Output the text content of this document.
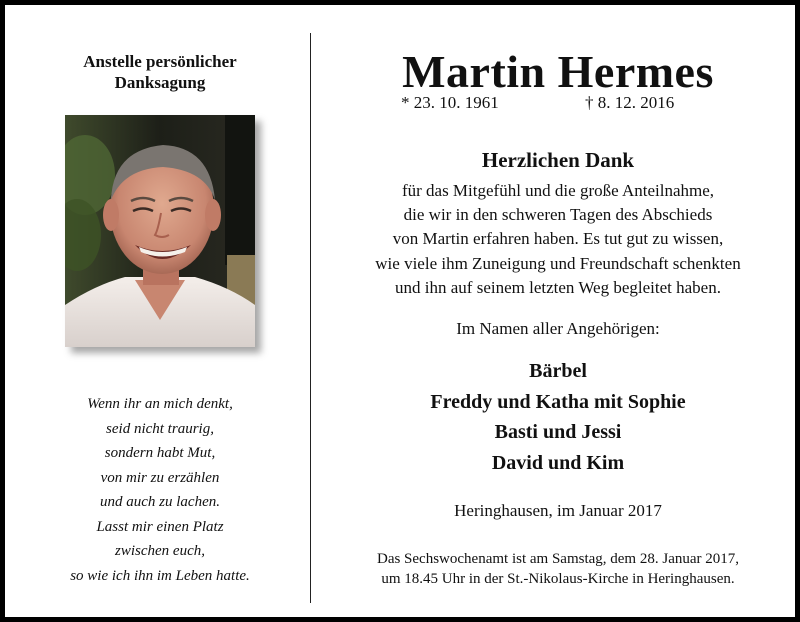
Anstelle persönlicher
Danksagung
Wenn ihr an mich denkt,
seid nicht traurig,
sondern habt Mut,
von mir zu erzählen
und auch zu lachen.
Lasst mir einen Platz
zwischen euch,
so wie ich ihn im Leben hatte.
Martin Hermes
* 23. 10. 1961	† 8. 12. 2016
Herzlichen Dank
für das Mitgefühl und die große Anteilnahme,
die wir in den schweren Tagen des Abschieds
von Martin erfahren haben. Es tut gut zu wissen,
wie viele ihm Zuneigung und Freundschaft schenkten
und ihn auf seinem letzten Weg begleitet haben.
Im Namen aller Angehörigen:
Bärbel
Freddy und Katha mit Sophie
Basti und Jessi
David und Kim
Heringhausen, im Januar 2017
Das Sechswochenamt ist am Samstag, dem 28. Januar 2017,
um 18.45 Uhr in der St.-Nikolaus-Kirche in Heringhausen.
